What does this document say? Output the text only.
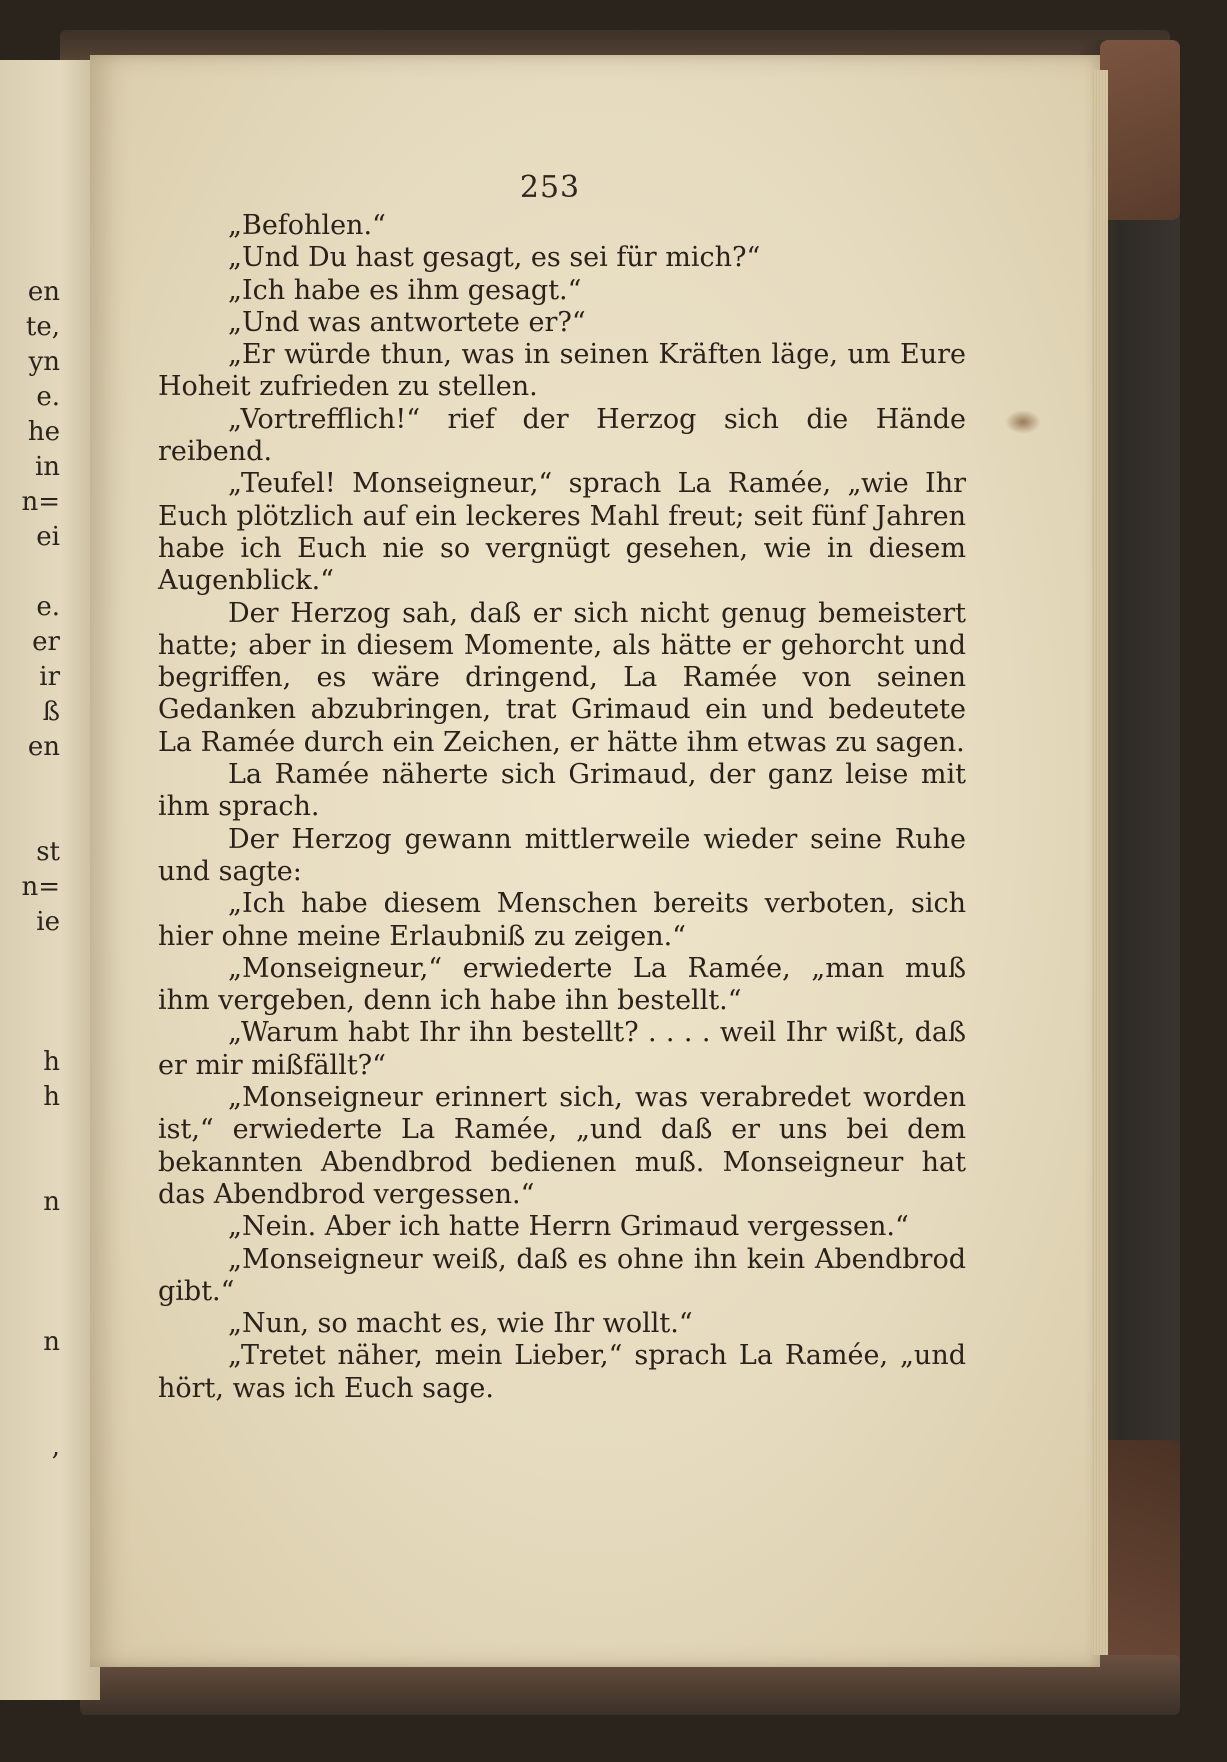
en
te,
yn
e.
he
in
n=
ei

e.
er
ir
ß
en

st
n=
ie

h
h

n

n

,
253

„Befohlen.“

„Und Du hast gesagt, es sei für mich?“

„Ich habe es ihm gesagt.“

„Und was antwortete er?“

„Er würde thun, was in seinen Kräften läge, um Eure Hoheit zufrieden zu stellen.

„Vortrefflich!“ rief der Herzog sich die Hände reibend.

„Teufel! Monseigneur,“ sprach La Ramée, „wie Ihr Euch plötzlich auf ein leckeres Mahl freut; seit fünf Jahren habe ich Euch nie so vergnügt gesehen, wie in diesem Augenblick.“

Der Herzog sah, daß er sich nicht genug bemeistert hatte; aber in diesem Momente, als hätte er gehorcht und begriffen, es wäre dringend, La Ramée von seinen Gedanken abzubringen, trat Grimaud ein und bedeutete La Ramée durch ein Zeichen, er hätte ihm etwas zu sagen.

La Ramée näherte sich Grimaud, der ganz leise mit ihm sprach.

Der Herzog gewann mittlerweile wieder seine Ruhe und sagte:

„Ich habe diesem Menschen bereits verboten, sich hier ohne meine Erlaubniß zu zeigen.“

„Monseigneur,“ erwiederte La Ramée, „man muß ihm vergeben, denn ich habe ihn bestellt.“

„Warum habt Ihr ihn bestellt? . . . . weil Ihr wißt, daß er mir mißfällt?“

„Monseigneur erinnert sich, was verabredet worden ist,“ erwiederte La Ramée, „und daß er uns bei dem bekannten Abendbrod bedienen muß. Monseigneur hat das Abendbrod vergessen.“

„Nein. Aber ich hatte Herrn Grimaud vergessen.“

„Monseigneur weiß, daß es ohne ihn kein Abendbrod gibt.“

„Nun, so macht es, wie Ihr wollt.“

„Tretet näher, mein Lieber,“ sprach La Ramée, „und hört, was ich Euch sage.
